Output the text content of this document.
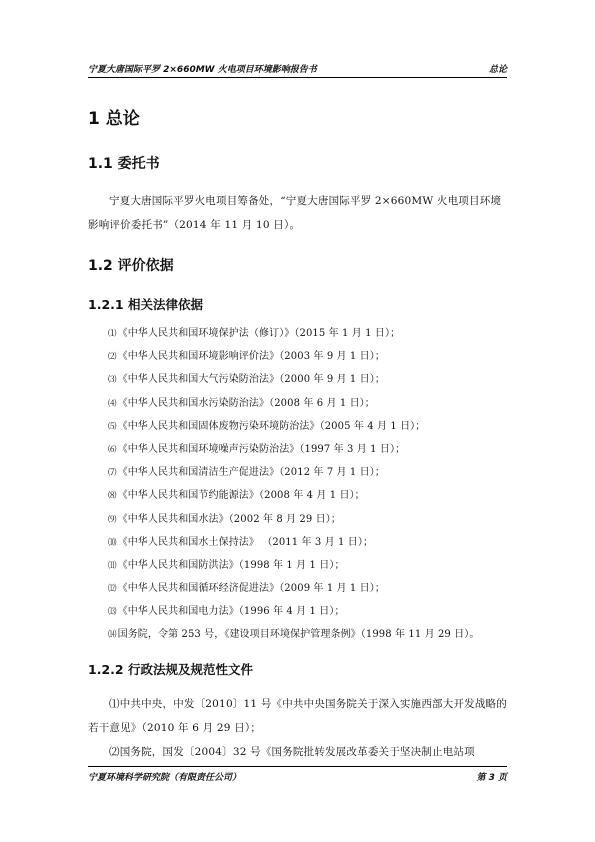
宁夏大唐国际平罗 2×660MW 火电项目环境影响报告书	总论
1 总论
1.1 委托书
宁夏大唐国际平罗火电项目筹备处，“宁夏大唐国际平罗 2×660MW 火电项目环境影响评价委托书”（2014 年 11 月 10 日）。
1.2 评价依据
1.2.1 相关法律依据
⑴《中华人民共和国环境保护法（修订）》（2015 年 1 月 1 日）；
⑵《中华人民共和国环境影响评价法》（2003 年 9 月 1 日）；
⑶《中华人民共和国大气污染防治法》（2000 年 9 月 1 日）；
⑷《中华人民共和国水污染防治法》（2008 年 6 月 1 日）；
⑸《中华人民共和国固体废物污染环境防治法》（2005 年 4 月 1 日）；
⑹《中华人民共和国环境噪声污染防治法》（1997 年 3 月 1 日）；
⑺《中华人民共和国清洁生产促进法》（2012 年 7 月 1 日）；
⑻《中华人民共和国节约能源法》（2008 年 4 月 1 日）；
⑼《中华人民共和国水法》（2002 年 8 月 29 日）；
⑽《中华人民共和国水土保持法》 （2011 年 3 月 1 日）；
⑾《中华人民共和国防洪法》（1998 年 1 月 1 日）；
⑿《中华人民共和国循环经济促进法》（2009 年 1 月 1 日）；
⒀《中华人民共和国电力法》（1996 年 4 月 1 日）；
⒁国务院，令第 253 号，《建设项目环境保护管理条例》（1998 年 11 月 29 日）。
1.2.2 行政法规及规范性文件
⑴中共中央，中发〔2010〕11 号《中共中央国务院关于深入实施西部大开发战略的若干意见》（2010 年 6 月 29 日）；
⑵国务院，国发〔2004〕32 号《国务院批转发展改革委关于坚决制止电站项
宁夏环境科学研究院（有限责任公司）	第 3 页
